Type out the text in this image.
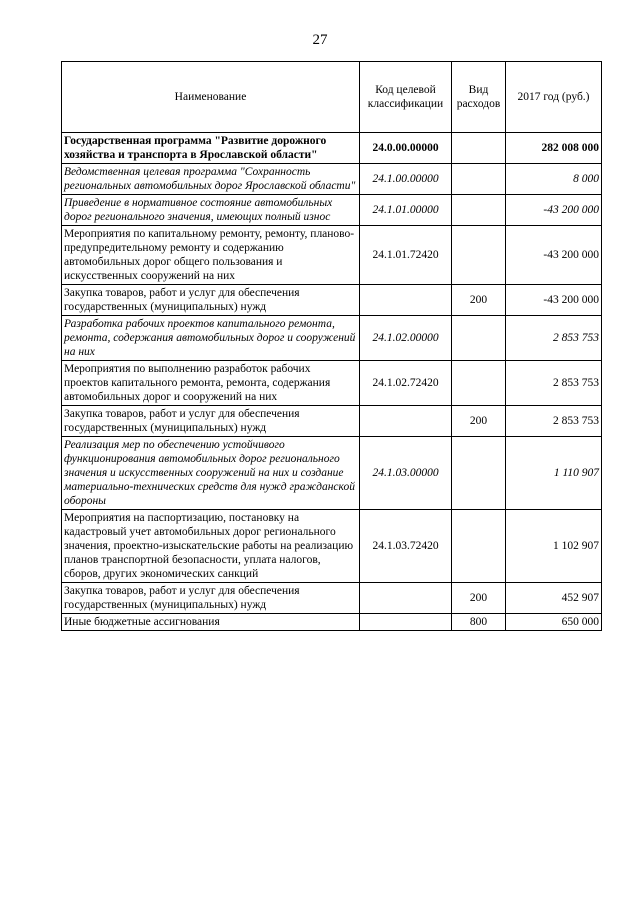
27
Наименование	Код целевой классификации	Вид расходов	2017 год (руб.)
Государственная программа "Развитие дорожного хозяйства и транспорта в Ярославской области"	24.0.00.00000		282 008 000
Ведомственная целевая программа "Сохранность региональных автомобильных дорог Ярославской области"	24.1.00.00000		8 000
Приведение в нормативное состояние автомобильных дорог регионального значения, имеющих полный износ	24.1.01.00000		-43 200 000
Мероприятия по капитальному ремонту, ремонту, планово-предупредительному ремонту и содержанию автомобильных дорог общего пользования и искусственных сооружений на них	24.1.01.72420		-43 200 000
Закупка товаров, работ и услуг для обеспечения государственных (муниципальных) нужд		200	-43 200 000
Разработка рабочих проектов капитального ремонта, ремонта, содержания автомобильных дорог и сооружений на них	24.1.02.00000		2 853 753
Мероприятия по выполнению разработок рабочих проектов капитального ремонта, ремонта, содержания автомобильных дорог и сооружений на них	24.1.02.72420		2 853 753
Закупка товаров, работ и услуг для обеспечения государственных (муниципальных) нужд		200	2 853 753
Реализация мер по обеспечению устойчивого функционирования автомобильных дорог регионального значения и искусственных сооружений на них и создание материально-технических средств для нужд гражданской обороны	24.1.03.00000		1 110 907
Мероприятия на паспортизацию, постановку на кадастровый учет автомобильных дорог регионального значения, проектно-изыскательские работы на реализацию планов транспортной безопасности, уплата налогов, сборов, других экономических санкций	24.1.03.72420		1 102 907
Закупка товаров, работ и услуг для обеспечения государственных (муниципальных) нужд		200	452 907
Иные бюджетные ассигнования		800	650 000
